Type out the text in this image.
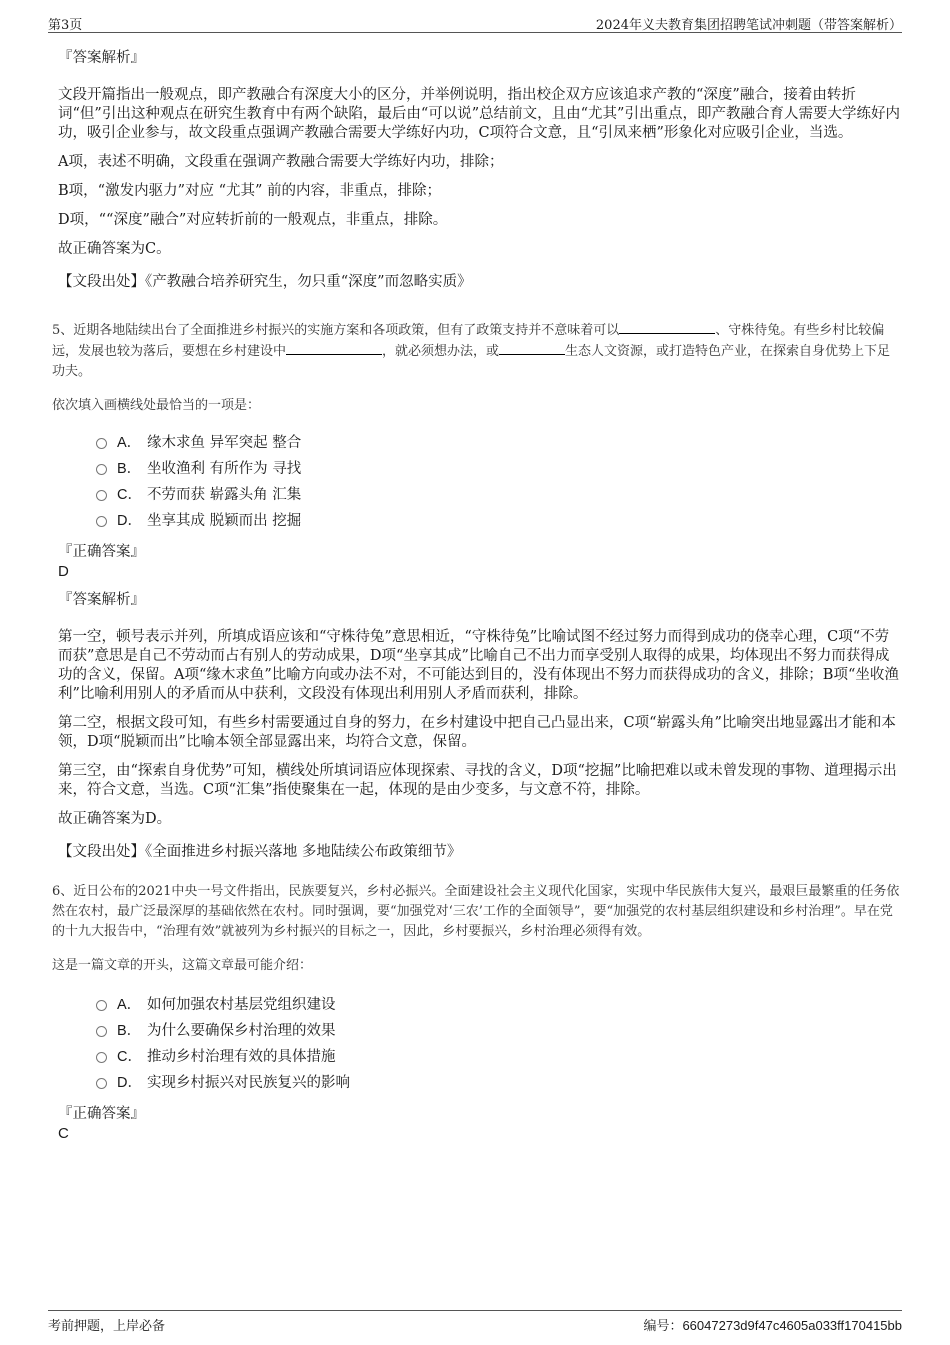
第3页	2024年义夫教育集团招聘笔试冲刺题（带答案解析）
『答案解析』

文段开篇指出一般观点，即产教融合有深度大小的区分，并举例说明，指出校企双方应该追求产教的“深度”融合，接着由转折词“但”引出这种观点在研究生教育中有两个缺陷，最后由“可以说”总结前文，且由“尤其”引出重点，即产教融合育人需要大学练好内功，吸引企业参与，故文段重点强调产教融合需要大学练好内功，C项符合文意，且“引凤来栖”形象化对应吸引企业，当选。

A项，表述不明确，文段重在强调产教融合需要大学练好内功，排除；

B项，“激发内驱力”对应 “尤其” 前的内容，非重点，排除；

D项，““深度”融合”对应转折前的一般观点，非重点，排除。

故正确答案为C。

【文段出处】《产教融合培养研究生，勿只重“深度”而忽略实质》

5、近期各地陆续出台了全面推进乡村振兴的实施方案和各项政策，但有了政策支持并不意味着可以	、守株待兔。有些乡村比较偏远，发展也较为落后，要想在乡村建设中	，就必须想办法，或	生态人文资源，或打造特色产业，在探索自身优势上下足功夫。
依次填入画横线处最恰当的一项是：
A． 缘木求鱼 异军突起 整合
B． 坐收渔利 有所作为 寻找
C． 不劳而获 崭露头角 汇集
D． 坐享其成 脱颖而出 挖掘
『正确答案』
D
『答案解析』

第一空，顿号表示并列，所填成语应该和“守株待兔”意思相近，“守株待兔”比喻试图不经过努力而得到成功的侥幸心理，C项“不劳而获”意思是自己不劳动而占有别人的劳动成果，D项“坐享其成”比喻自己不出力而享受别人取得的成果，均体现出不努力而获得成功的含义，保留。A项“缘木求鱼”比喻方向或办法不对，不可能达到目的，没有体现出不努力而获得成功的含义，排除；B项“坐收渔利”比喻利用别人的矛盾而从中获利，文段没有体现出利用别人矛盾而获利，排除。

第二空，根据文段可知，有些乡村需要通过自身的努力，在乡村建设中把自己凸显出来，C项“崭露头角”比喻突出地显露出才能和本领，D项“脱颖而出”比喻本领全部显露出来，均符合文意，保留。

第三空，由“探索自身优势”可知，横线处所填词语应体现探索、寻找的含义，D项“挖掘”比喻把难以或未曾发现的事物、道理揭示出来，符合文意，当选。C项“汇集”指使聚集在一起，体现的是由少变多，与文意不符，排除。

故正确答案为D。

【文段出处】《全面推进乡村振兴落地 多地陆续公布政策细节》

6、近日公布的2021中央一号文件指出，民族要复兴，乡村必振兴。全面建设社会主义现代化国家，实现中华民族伟大复兴，最艰巨最繁重的任务依然在农村，最广泛最深厚的基础依然在农村。同时强调，要“加强党对‘三农’工作的全面领导”，要“加强党的农村基层组织建设和乡村治理”。早在党的十九大报告中，“治理有效”就被列为乡村振兴的目标之一，因此，乡村要振兴，乡村治理必须得有效。
这是一篇文章的开头，这篇文章最可能介绍：
A． 如何加强农村基层党组织建设
B． 为什么要确保乡村治理的效果
C． 推动乡村治理有效的具体措施
D． 实现乡村振兴对民族复兴的影响
『正确答案』
C
考前押题，上岸必备	编号：66047273d9f47c4605a033ff170415bb
